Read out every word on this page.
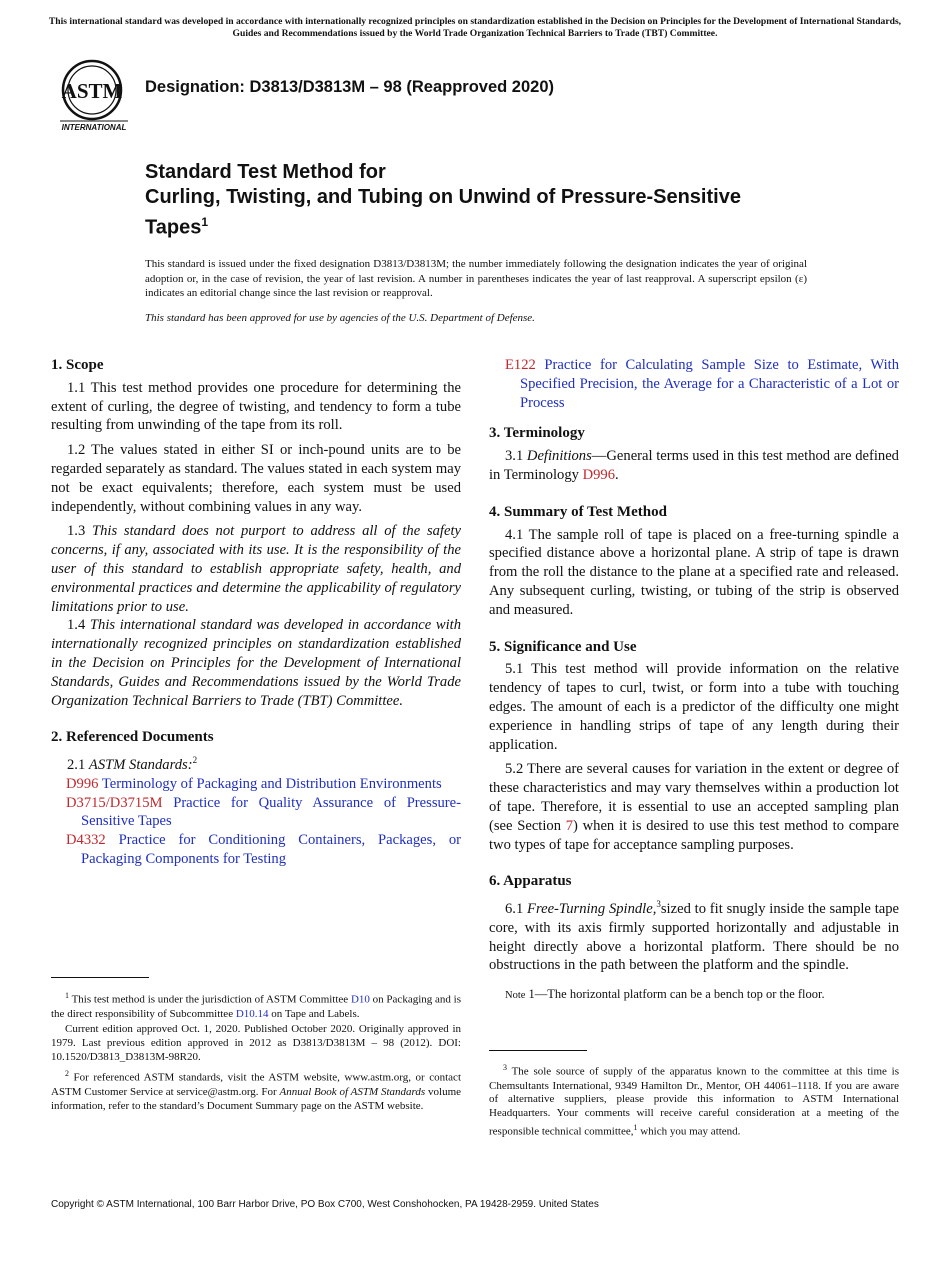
This international standard was developed in accordance with internationally recognized principles on standardization established in the Decision on Principles for the Development of International Standards, Guides and Recommendations issued by the World Trade Organization Technical Barriers to Trade (TBT) Committee.
ASTM
INTERNATIONAL
Designation: D3813/D3813M – 98 (Reapproved 2020)
Standard Test Method for
Curling, Twisting, and Tubing on Unwind of Pressure-Sensitive Tapes$^1$
This standard is issued under the fixed designation D3813/D3813M; the number immediately following the designation indicates the year of original adoption or, in the case of revision, the year of last revision. A number in parentheses indicates the year of last reapproval. A superscript epsilon (ε) indicates an editorial change since the last revision or reapproval.
This standard has been approved for use by agencies of the U.S. Department of Defense.
1. Scope

1.1 This test method provides one procedure for determining the extent of curling, the degree of twisting, and tendency to form a tube resulting from unwinding of the tape from its roll.

1.2 The values stated in either SI or inch-pound units are to be regarded separately as standard. The values stated in each system may not be exact equivalents; therefore, each system must be used independently, without combining values in any way.

1.3 This standard does not purport to address all of the safety concerns, if any, associated with its use. It is the responsibility of the user of this standard to establish appropriate safety, health, and environmental practices and determine the applicability of regulatory limitations prior to use.

1.4 This international standard was developed in accordance with internationally recognized principles on standardization established in the Decision on Principles for the Development of International Standards, Guides and Recommendations issued by the World Trade Organization Technical Barriers to Trade (TBT) Committee.

2. Referenced Documents

2.1 ASTM Standards:$^2$

D996 Terminology of Packaging and Distribution Environments
D3715/D3715M Practice for Quality Assurance of Pressure-Sensitive Tapes
D4332 Practice for Conditioning Containers, Packages, or Packaging Components for Testing

$^1$ This test method is under the jurisdiction of ASTM Committee D10 on Packaging and is the direct responsibility of Subcommittee D10.14 on Tape and Labels.

Current edition approved Oct. 1, 2020. Published October 2020. Originally approved in 1979. Last previous edition approved in 2012 as D3813/D3813M – 98 (2012). DOI: 10.1520/D3813_D3813M-98R20.

$^2$ For referenced ASTM standards, visit the ASTM website, www.astm.org, or contact ASTM Customer Service at service@astm.org. For Annual Book of ASTM Standards volume information, refer to the standard’s Document Summary page on the ASTM website.

E122 Practice for Calculating Sample Size to Estimate, With Specified Precision, the Average for a Characteristic of a Lot or Process
3. Terminology

3.1 Definitions—General terms used in this test method are defined in Terminology D996.

4. Summary of Test Method

4.1 The sample roll of tape is placed on a free-turning spindle a specified distance above a horizontal plane. A strip of tape is drawn from the roll the distance to the plane at a specified rate and released. Any subsequent curling, twisting, or tubing of the strip is observed and measured.

5. Significance and Use

5.1 This test method will provide information on the relative tendency of tapes to curl, twist, or form into a tube with touching edges. The amount of each is a predictor of the difficulty one might experience in handling strips of tape of any length during their application.

5.2 There are several causes for variation in the extent or degree of these characteristics and may vary themselves within a production lot of tape. Therefore, it is essential to use an accepted sampling plan (see Section 7) when it is desired to use this test method to compare two types of tape for acceptance sampling purposes.

6. Apparatus

6.1 Free-Turning Spindle,$^3$sized to fit snugly inside the sample tape core, with its axis firmly supported horizontally and adjustable in height directly above a horizontal platform. There should be no obstructions in the path between the platform and the spindle.

Note 1—The horizontal platform can be a bench top or the floor.

$^3$ The sole source of supply of the apparatus known to the committee at this time is Chemsultants International, 9349 Hamilton Dr., Mentor, OH 44061–1118. If you are aware of alternative suppliers, please provide this information to ASTM International Headquarters. Your comments will receive careful consideration at a meeting of the responsible technical committee,$^1$ which you may attend.

Copyright © ASTM International, 100 Barr Harbor Drive, PO Box C700, West Conshohocken, PA 19428-2959. United States
